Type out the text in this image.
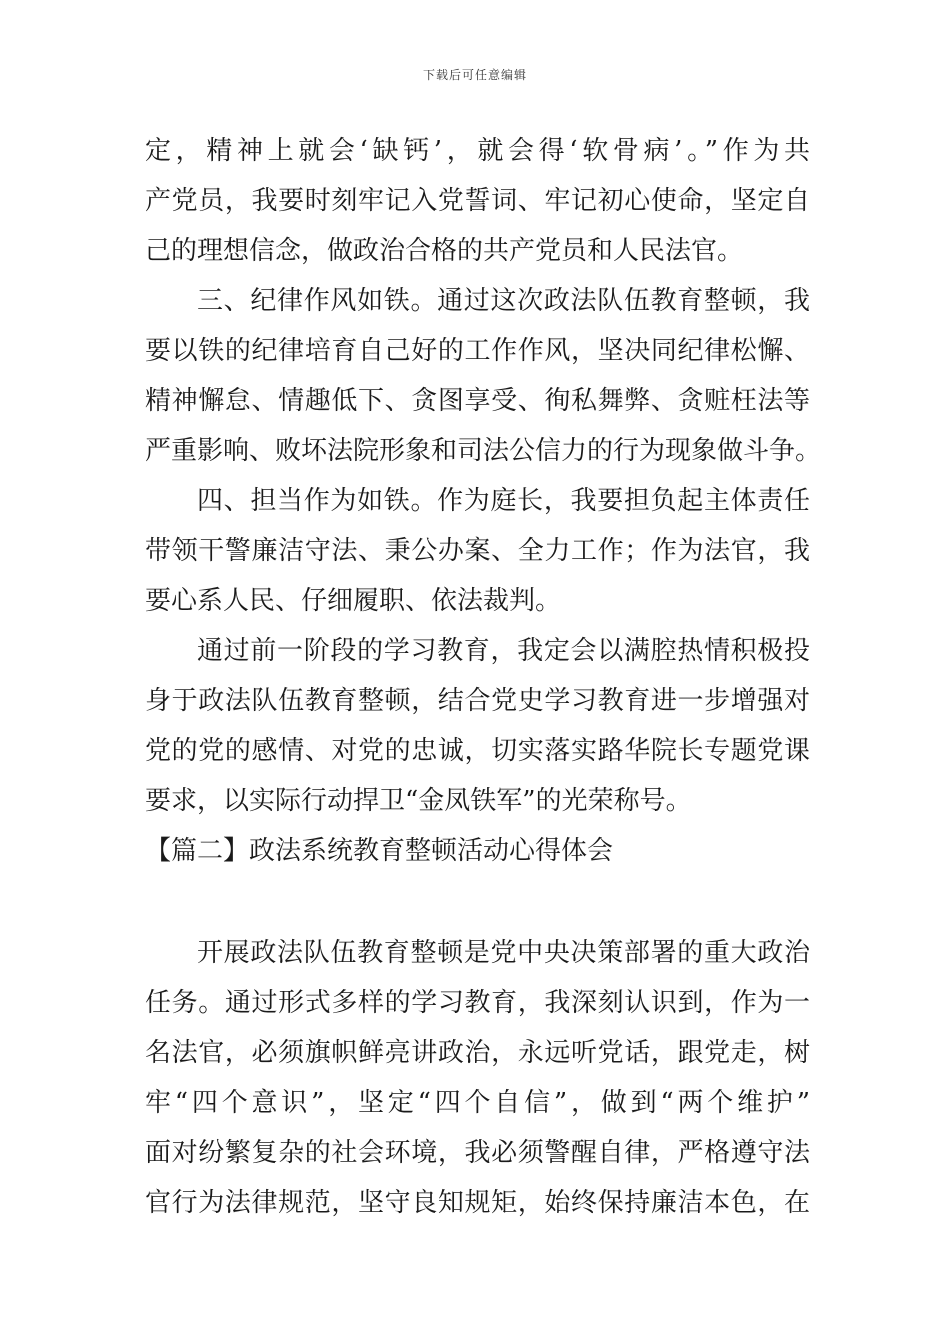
下载后可任意编辑
定，精神上就会‘缺钙’，就会得‘软骨病’。”作为共
产党员，我要时刻牢记入党誓词、牢记初心使命，坚定自
己的理想信念，做政治合格的共产党员和人民法官。
三、纪律作风如铁。通过这次政法队伍教育整顿，我
要以铁的纪律培育自己好的工作作风，坚决同纪律松懈、
精神懈怠、情趣低下、贪图享受、徇私舞弊、贪赃枉法等
严重影响、败坏法院形象和司法公信力的行为现象做斗争。
四、担当作为如铁。作为庭长，我要担负起主体责任
带领干警廉洁守法、秉公办案、全力工作；作为法官，我
要心系人民、仔细履职、依法裁判。
通过前一阶段的学习教育，我定会以满腔热情积极投
身于政法队伍教育整顿，结合党史学习教育进一步增强对
党的党的感情、对党的忠诚，切实落实路华院长专题党课
要求，以实际行动捍卫“金凤铁军”的光荣称号。
【篇二】政法系统教育整顿活动心得体会
开展政法队伍教育整顿是党中央决策部署的重大政治
任务。通过形式多样的学习教育，我深刻认识到，作为一
名法官，必须旗帜鲜亮讲政治，永远听党话，跟党走，树
牢“四个意识”，坚定“四个自信”，做到“两个维护”
面对纷繁复杂的社会环境，我必须警醒自律，严格遵守法
官行为法律规范，坚守良知规矩，始终保持廉洁本色，在
